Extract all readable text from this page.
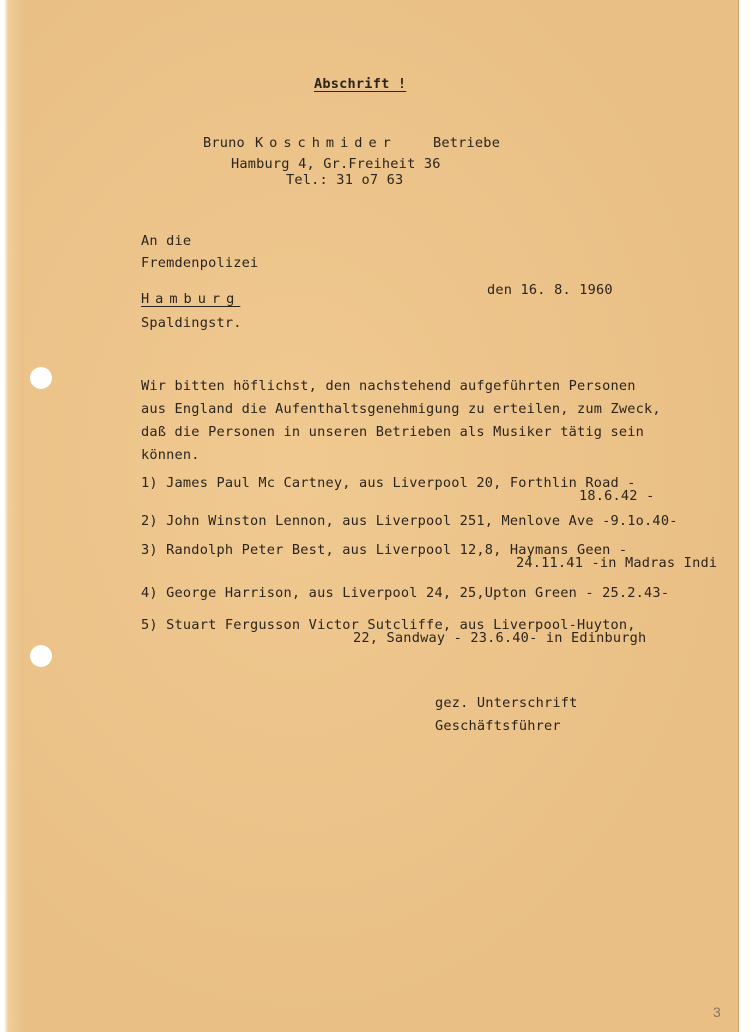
Abschrift !
Bruno Koschmider	Betriebe
Hamburg 4, Gr.Freiheit 36
Tel.: 31 o7 63
An die
Fremdenpolizei
Hamburg
Spaldingstr.
den 16. 8. 1960
Wir bitten höflichst, den nachstehend aufgeführten Personen
aus England die Aufenthaltsgenehmigung zu erteilen, zum Zweck,
daß die Personen in unseren Betrieben als Musiker tätig sein
können.
1) James Paul Mc Cartney, aus Liverpool 20, Forthlin Road -
18.6.42 -
2) John Winston Lennon, aus Liverpool 251, Menlove Ave -9.1o.40-
3) Randolph Peter Best, aus Liverpool 12,8, Haymans Geen -
24.11.41 -in Madras Indi
4) George Harrison, aus Liverpool 24, 25,Upton Green - 25.2.43-
5) Stuart Fergusson Victor Sutcliffe, aus Liverpool-Huyton,
22, Sandway - 23.6.40- in Edinburgh
gez. Unterschrift
Geschäftsführer
3
